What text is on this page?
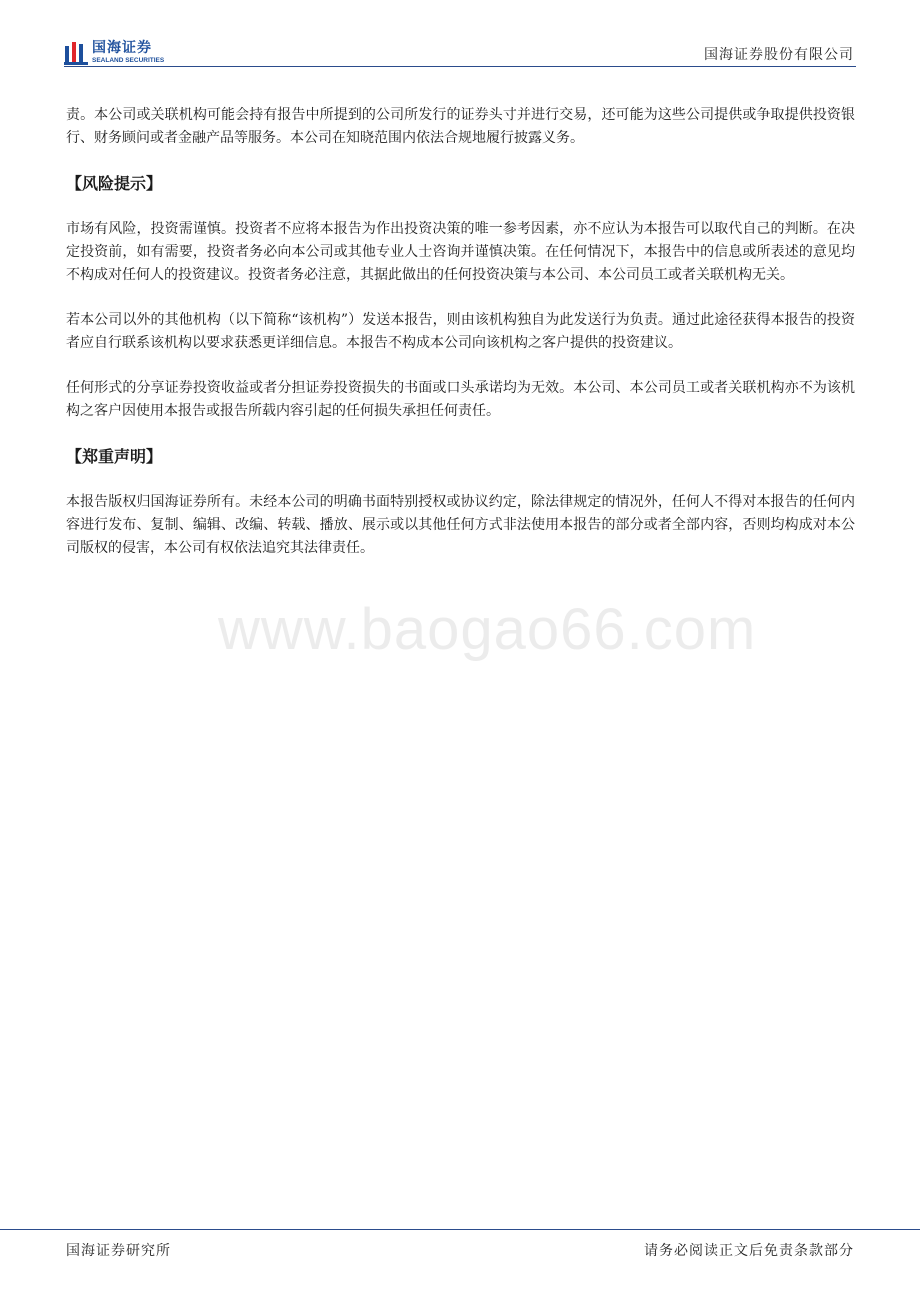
国海证券
SEALAND SECURITIES	国海证券股份有限公司

责。本公司或关联机构可能会持有报告中所提到的公司所发行的证券头寸并进行交易，还可能为这些公司提供或争取提供投资银行、财务顾问或者金融产品等服务。本公司在知晓范围内依法合规地履行披露义务。

【风险提示】

市场有风险，投资需谨慎。投资者不应将本报告为作出投资决策的唯一参考因素，亦不应认为本报告可以取代自己的判断。在决定投资前，如有需要，投资者务必向本公司或其他专业人士咨询并谨慎决策。在任何情况下，本报告中的信息或所表述的意见均不构成对任何人的投资建议。投资者务必注意，其据此做出的任何投资决策与本公司、本公司员工或者关联机构无关。

若本公司以外的其他机构（以下简称“该机构”）发送本报告，则由该机构独自为此发送行为负责。通过此途径获得本报告的投资者应自行联系该机构以要求获悉更详细信息。本报告不构成本公司向该机构之客户提供的投资建议。

任何形式的分享证券投资收益或者分担证券投资损失的书面或口头承诺均为无效。本公司、本公司员工或者关联机构亦不为该机构之客户因使用本报告或报告所载内容引起的任何损失承担任何责任。

【郑重声明】

本报告版权归国海证券所有。未经本公司的明确书面特别授权或协议约定，除法律规定的情况外，任何人不得对本报告的任何内容进行发布、复制、编辑、改编、转载、播放、展示或以其他任何方式非法使用本报告的部分或者全部内容，否则均构成对本公司版权的侵害，本公司有权依法追究其法律责任。

www.baogao66.com
国海证券研究所	请务必阅读正文后免责条款部分
